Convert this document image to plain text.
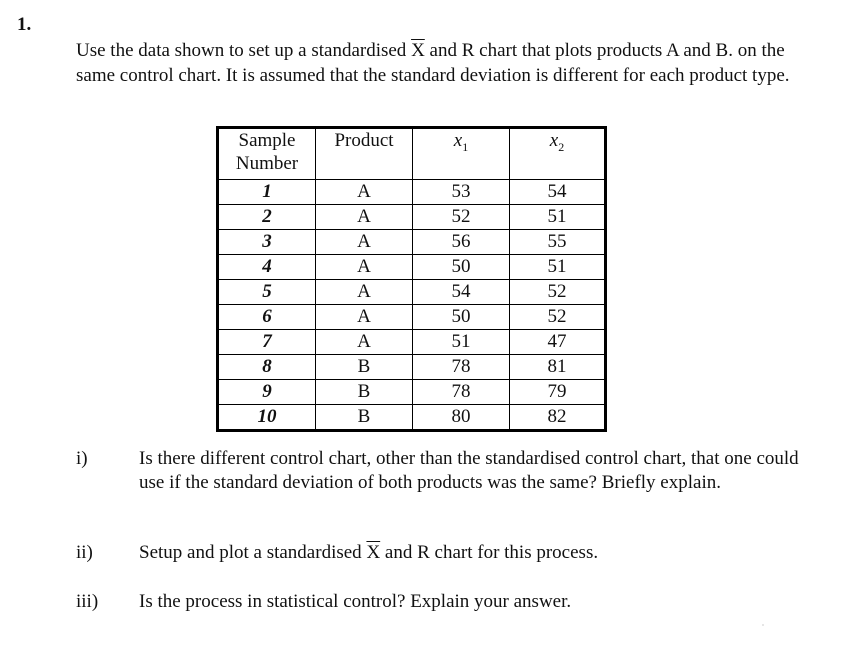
1.
Use the data shown to set up a standardised $\overline{X}$ and R chart that plots products A and B. on the same control chart. It is assumed that the standard deviation is different for each product type.
Sample
Number	Product	$x_1$	$x_2$
1	A	53	54
2	A	52	51
3	A	56	55
4	A	50	51
5	A	54	52
6	A	50	52
7	A	51	47
8	B	78	81
9	B	78	79
10	B	80	82
i)	Is there different control chart, other than the standardised control chart, that one could use if the standard deviation of both products was the same? Briefly explain.
ii)	Setup and plot a standardised $\overline{X}$ and R chart for this process.
iii)	Is the process in statistical control? Explain your answer.
